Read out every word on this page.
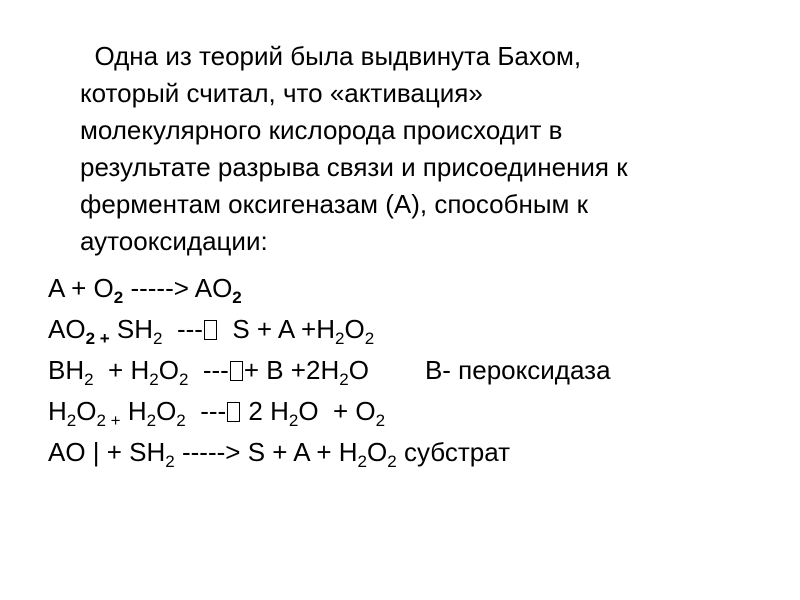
Одна из теорий была выдвинута Бахом,
который считал, что «активация»
молекулярного кислорода происходит в
результате разрыва связи и присоединения к
ферментам оксигеназам (А), способным к
аутооксидации:
$A + O_2$ -----> $AO_2$
$AO_{2 +}$ $SH_2$  ---  $S + A +H_2O_2$
$BH_2 + H_2O_2$  --- + $B +2H_2O$ B- пероксидаза
$H_2O_{2 +}$ $H_2O_2$  --- 2 $H_2O + O_2$
AO | + $SH_2$ -----> $S + A + H_2O_2$ субстрат
